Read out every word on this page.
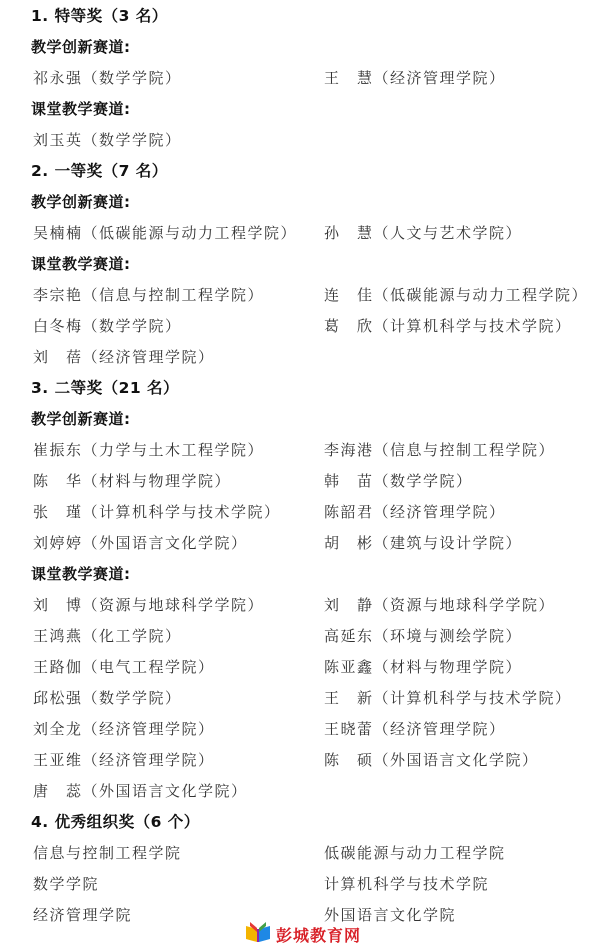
1. 特等奖（3 名）
教学创新赛道:
祁永强（数学学院）	王　慧（经济管理学院）
课堂教学赛道:
刘玉英（数学学院）
2. 一等奖（7 名）
教学创新赛道:
吴楠楠（低碳能源与动力工程学院） 孙　慧（人文与艺术学院）
课堂教学赛道:
李宗艳（信息与控制工程学院）	连　佳（低碳能源与动力工程学院）
白冬梅（数学学院）	葛　欣（计算机科学与技术学院）
刘　蓓（经济管理学院）
3. 二等奖（21 名）
教学创新赛道:
崔振东（力学与土木工程学院）	李海港（信息与控制工程学院）
陈　华（材料与物理学院）	韩　苗（数学学院）
张　瑾（计算机科学与技术学院）	陈韶君（经济管理学院）
刘婷婷（外国语言文化学院）	胡　彬（建筑与设计学院）
课堂教学赛道:
刘　博（资源与地球科学学院）	刘　静（资源与地球科学学院）
王鸿燕（化工学院）	高延东（环境与测绘学院）
王路伽（电气工程学院）	陈亚鑫（材料与物理学院）
邱松强（数学学院）	王　新（计算机科学与技术学院）
刘全龙（经济管理学院）	王晓蕾（经济管理学院）
王亚维（经济管理学院）	陈　硕（外国语言文化学院）
唐　蕊（外国语言文化学院）
4. 优秀组织奖（6 个）
信息与控制工程学院	低碳能源与动力工程学院
数学学院	计算机科学与技术学院
经济管理学院	外国语言文化学院
彭城教育网
